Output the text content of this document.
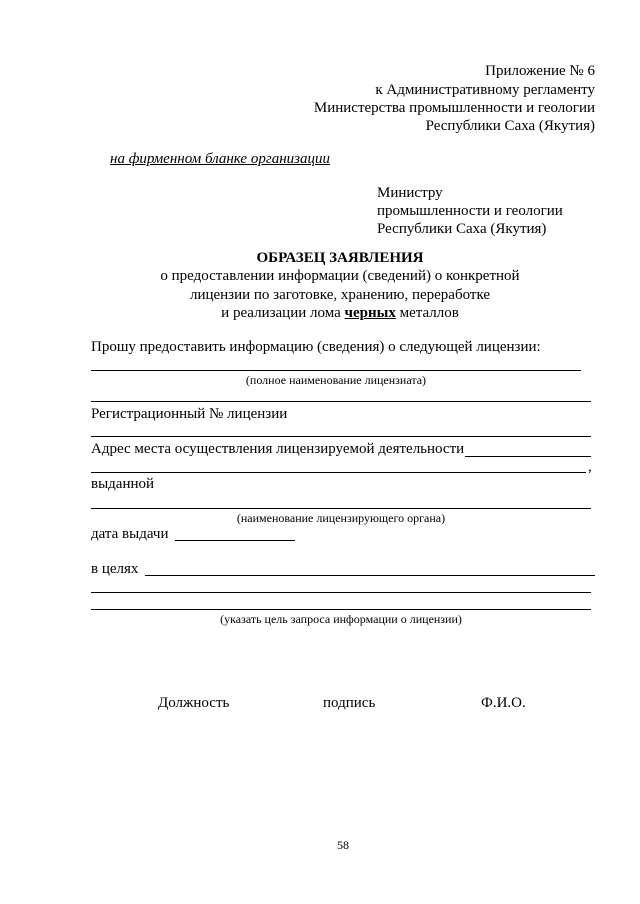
Приложение № 6
к Административному регламенту
Министерства промышленности и геологии
Республики Саха (Якутия)
на фирменном бланке организации
Министру
промышленности и геологии
Республики Саха (Якутия)
ОБРАЗЕЦ ЗАЯВЛЕНИЯ
о предоставлении информации (сведений) о конкретной
лицензии по заготовке, хранению, переработке
и реализации лома черных металлов
Прошу предоставить информацию (сведения) о следующей лицензии:
(полное наименование лицензиата)
Регистрационный № лицензии
Адрес места осуществления лицензируемой деятельности
,
выданной
(наименование лицензирующего органа)
дата выдачи
в целях
(указать цель запроса информации о лицензии)
Должность	подпись	Ф.И.О.
58
